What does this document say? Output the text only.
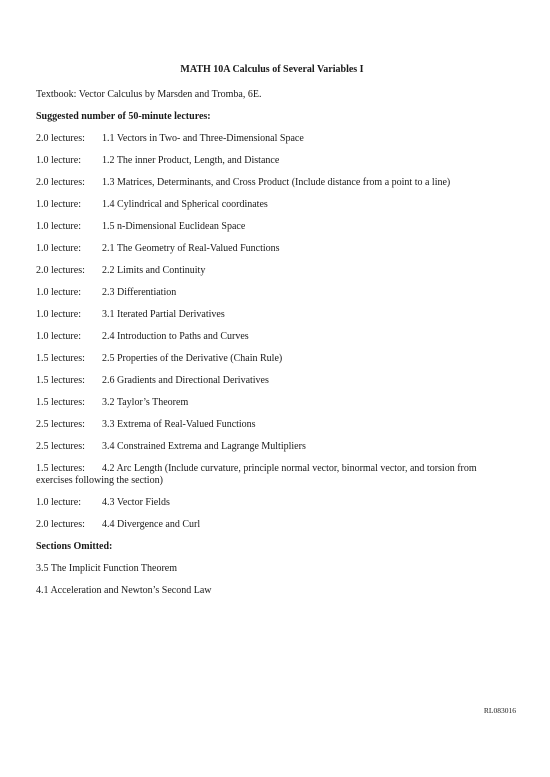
MATH 10A Calculus of Several Variables I
Textbook: Vector Calculus by Marsden and Tromba, 6E.
Suggested number of 50-minute lectures:
2.0 lectures: 1.1 Vectors in Two- and Three-Dimensional Space
1.0 lecture: 1.2 The inner Product, Length, and Distance
2.0 lectures: 1.3 Matrices, Determinants, and Cross Product (Include distance from a point to a line)
1.0 lecture: 1.4 Cylindrical and Spherical coordinates
1.0 lecture: 1.5 n-Dimensional Euclidean Space
1.0 lecture: 2.1 The Geometry of Real-Valued Functions
2.0 lectures: 2.2 Limits and Continuity
1.0 lecture: 2.3 Differentiation
1.0 lecture: 3.1 Iterated Partial Derivatives
1.0 lecture: 2.4 Introduction to Paths and Curves
1.5 lectures: 2.5 Properties of the Derivative (Chain Rule)
1.5 lectures: 2.6 Gradients and Directional Derivatives
1.5 lectures: 3.2 Taylor’s Theorem
2.5 lectures: 3.3 Extrema of Real-Valued Functions
2.5 lectures: 3.4 Constrained Extrema and Lagrange Multipliers
1.5 lectures: 4.2 Arc Length (Include curvature, principle normal vector, binormal vector, and torsion from exercises following the section)
1.0 lecture: 4.3 Vector Fields
2.0 lectures: 4.4 Divergence and Curl
Sections Omitted:
3.5 The Implicit Function Theorem
4.1 Acceleration and Newton’s Second Law
RL083016
